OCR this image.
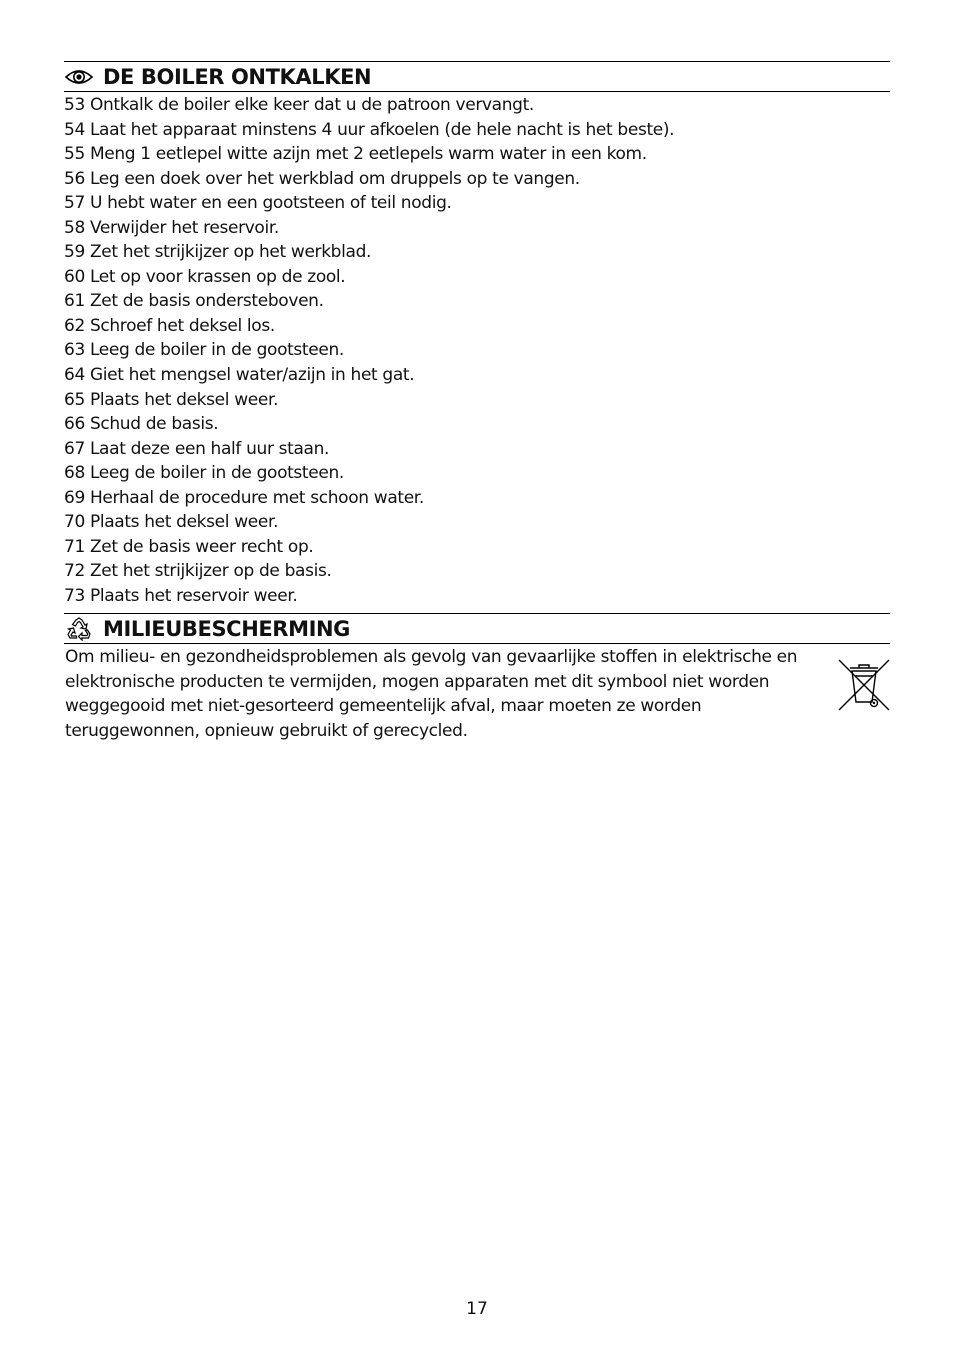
DE BOILER ONTKALKEN
53 Ontkalk de boiler elke keer dat u de patroon vervangt.
54 Laat het apparaat minstens 4 uur afkoelen (de hele nacht is het beste).
55 Meng 1 eetlepel witte azijn met 2 eetlepels warm water in een kom.
56 Leg een doek over het werkblad om druppels op te vangen.
57 U hebt water en een gootsteen of teil nodig.
58 Verwijder het reservoir.
59 Zet het strijkijzer op het werkblad.
60 Let op voor krassen op de zool.
61 Zet de basis ondersteboven.
62 Schroef het deksel los.
63 Leeg de boiler in de gootsteen.
64 Giet het mengsel water/azijn in het gat.
65 Plaats het deksel weer.
66 Schud de basis.
67 Laat deze een half uur staan.
68 Leeg de boiler in de gootsteen.
69 Herhaal de procedure met schoon water.
70 Plaats het deksel weer.
71 Zet de basis weer recht op.
72 Zet het strijkijzer op de basis.
73 Plaats het reservoir weer.
MILIEUBESCHERMING

Om milieu- en gezondheidsproblemen als gevolg van gevaarlijke stoffen in elektrische en elektronische producten te vermijden, mogen apparaten met dit symbool niet worden weggegooid met niet-gesorteerd gemeentelijk afval, maar moeten ze worden teruggewonnen, opnieuw gebruikt of gerecycled.

17
